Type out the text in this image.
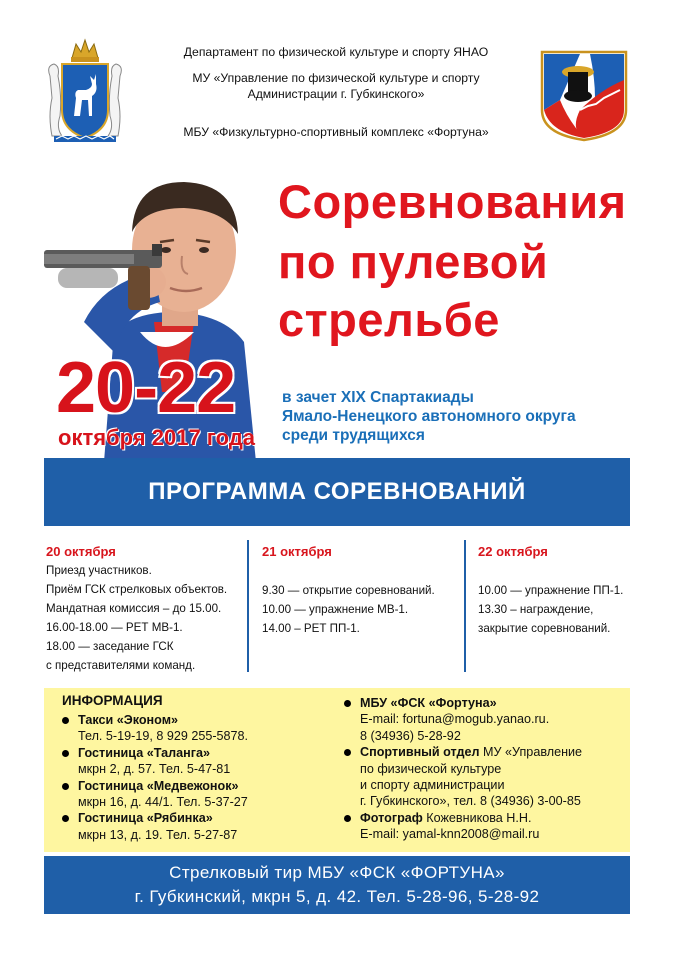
Департамент по физической культуре и спорту ЯНАО
МУ «Управление по физической культуре и спорту
Администрации г. Губкинского»
МБУ «Физкультурно-спортивный комплекс «Фортуна»
Соревнования
по пулевой
стрельбе
20-22
октября 2017 года
в зачет XIX Спартакиады
Ямало-Ненецкого автономного округа
среди трудящихся
ПРОГРАММА СОРЕВНОВАНИЙ
20 октября
Приезд участников.
Приём ГСК стрелковых объектов.
Мандатная комиссия – до 15.00.
16.00-18.00 — РЕТ МВ-1.
18.00 — заседание ГСК
с представителями команд.
21 октября
9.30 — открытие соревнований.
10.00 — упражнение МВ-1.
14.00 – РЕТ ПП-1.
22 октября
10.00 — упражнение ПП-1.
13.30 – награждение,
закрытие соревнований.
ИНФОРМАЦИЯ
Такси «Эконом»
Тел. 5-19-19, 8 929 255-5878.
Гостиница «Таланга»
мкрн 2, д. 57. Тел. 5-47-81
Гостиница «Медвежонок»
мкрн 16, д. 44/1. Тел. 5-37-27
Гостиница «Рябинка»
мкрн 13, д. 19. Тел. 5-27-87
МБУ «ФСК «Фортуна»
E-mail: fortuna@mogub.yanao.ru.
8 (34936) 5-28-92
Спортивный отдел МУ «Управление
по физической культуре
и спорту администрации
г. Губкинского», тел. 8 (34936) 3-00-85
Фотограф Кожевникова Н.Н.
E-mail: yamal-knn2008@mail.ru
Стрелковый тир МБУ «ФСК «ФОРТУНА»
г. Губкинский, мкрн 5, д. 42. Тел. 5-28-96, 5-28-92
